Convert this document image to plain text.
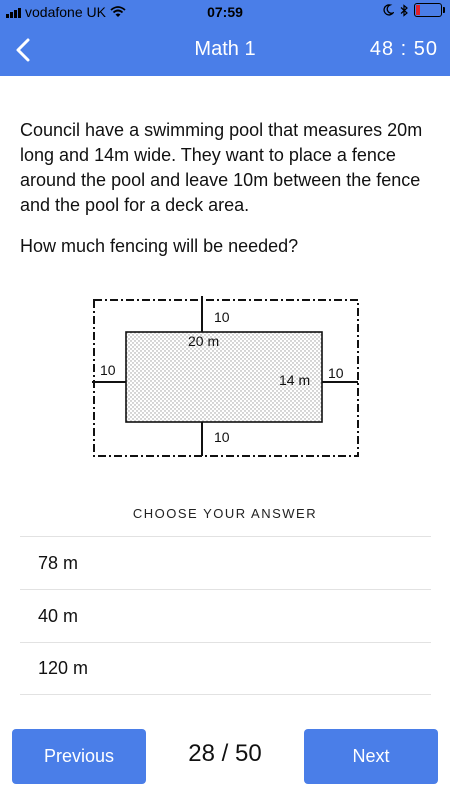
vodafone UK	07:59
Math 1	48 : 50

Council have a swimming pool that measures 20m long and 14m wide. They want to place a fence around the pool and leave 10m between the fence and the pool for a deck area.

How much fencing will be needed?

10
20 m
14 m
10	10
10
CHOOSE YOUR ANSWER
78 m
40 m
120 m
Previous	28 / 50	Next
